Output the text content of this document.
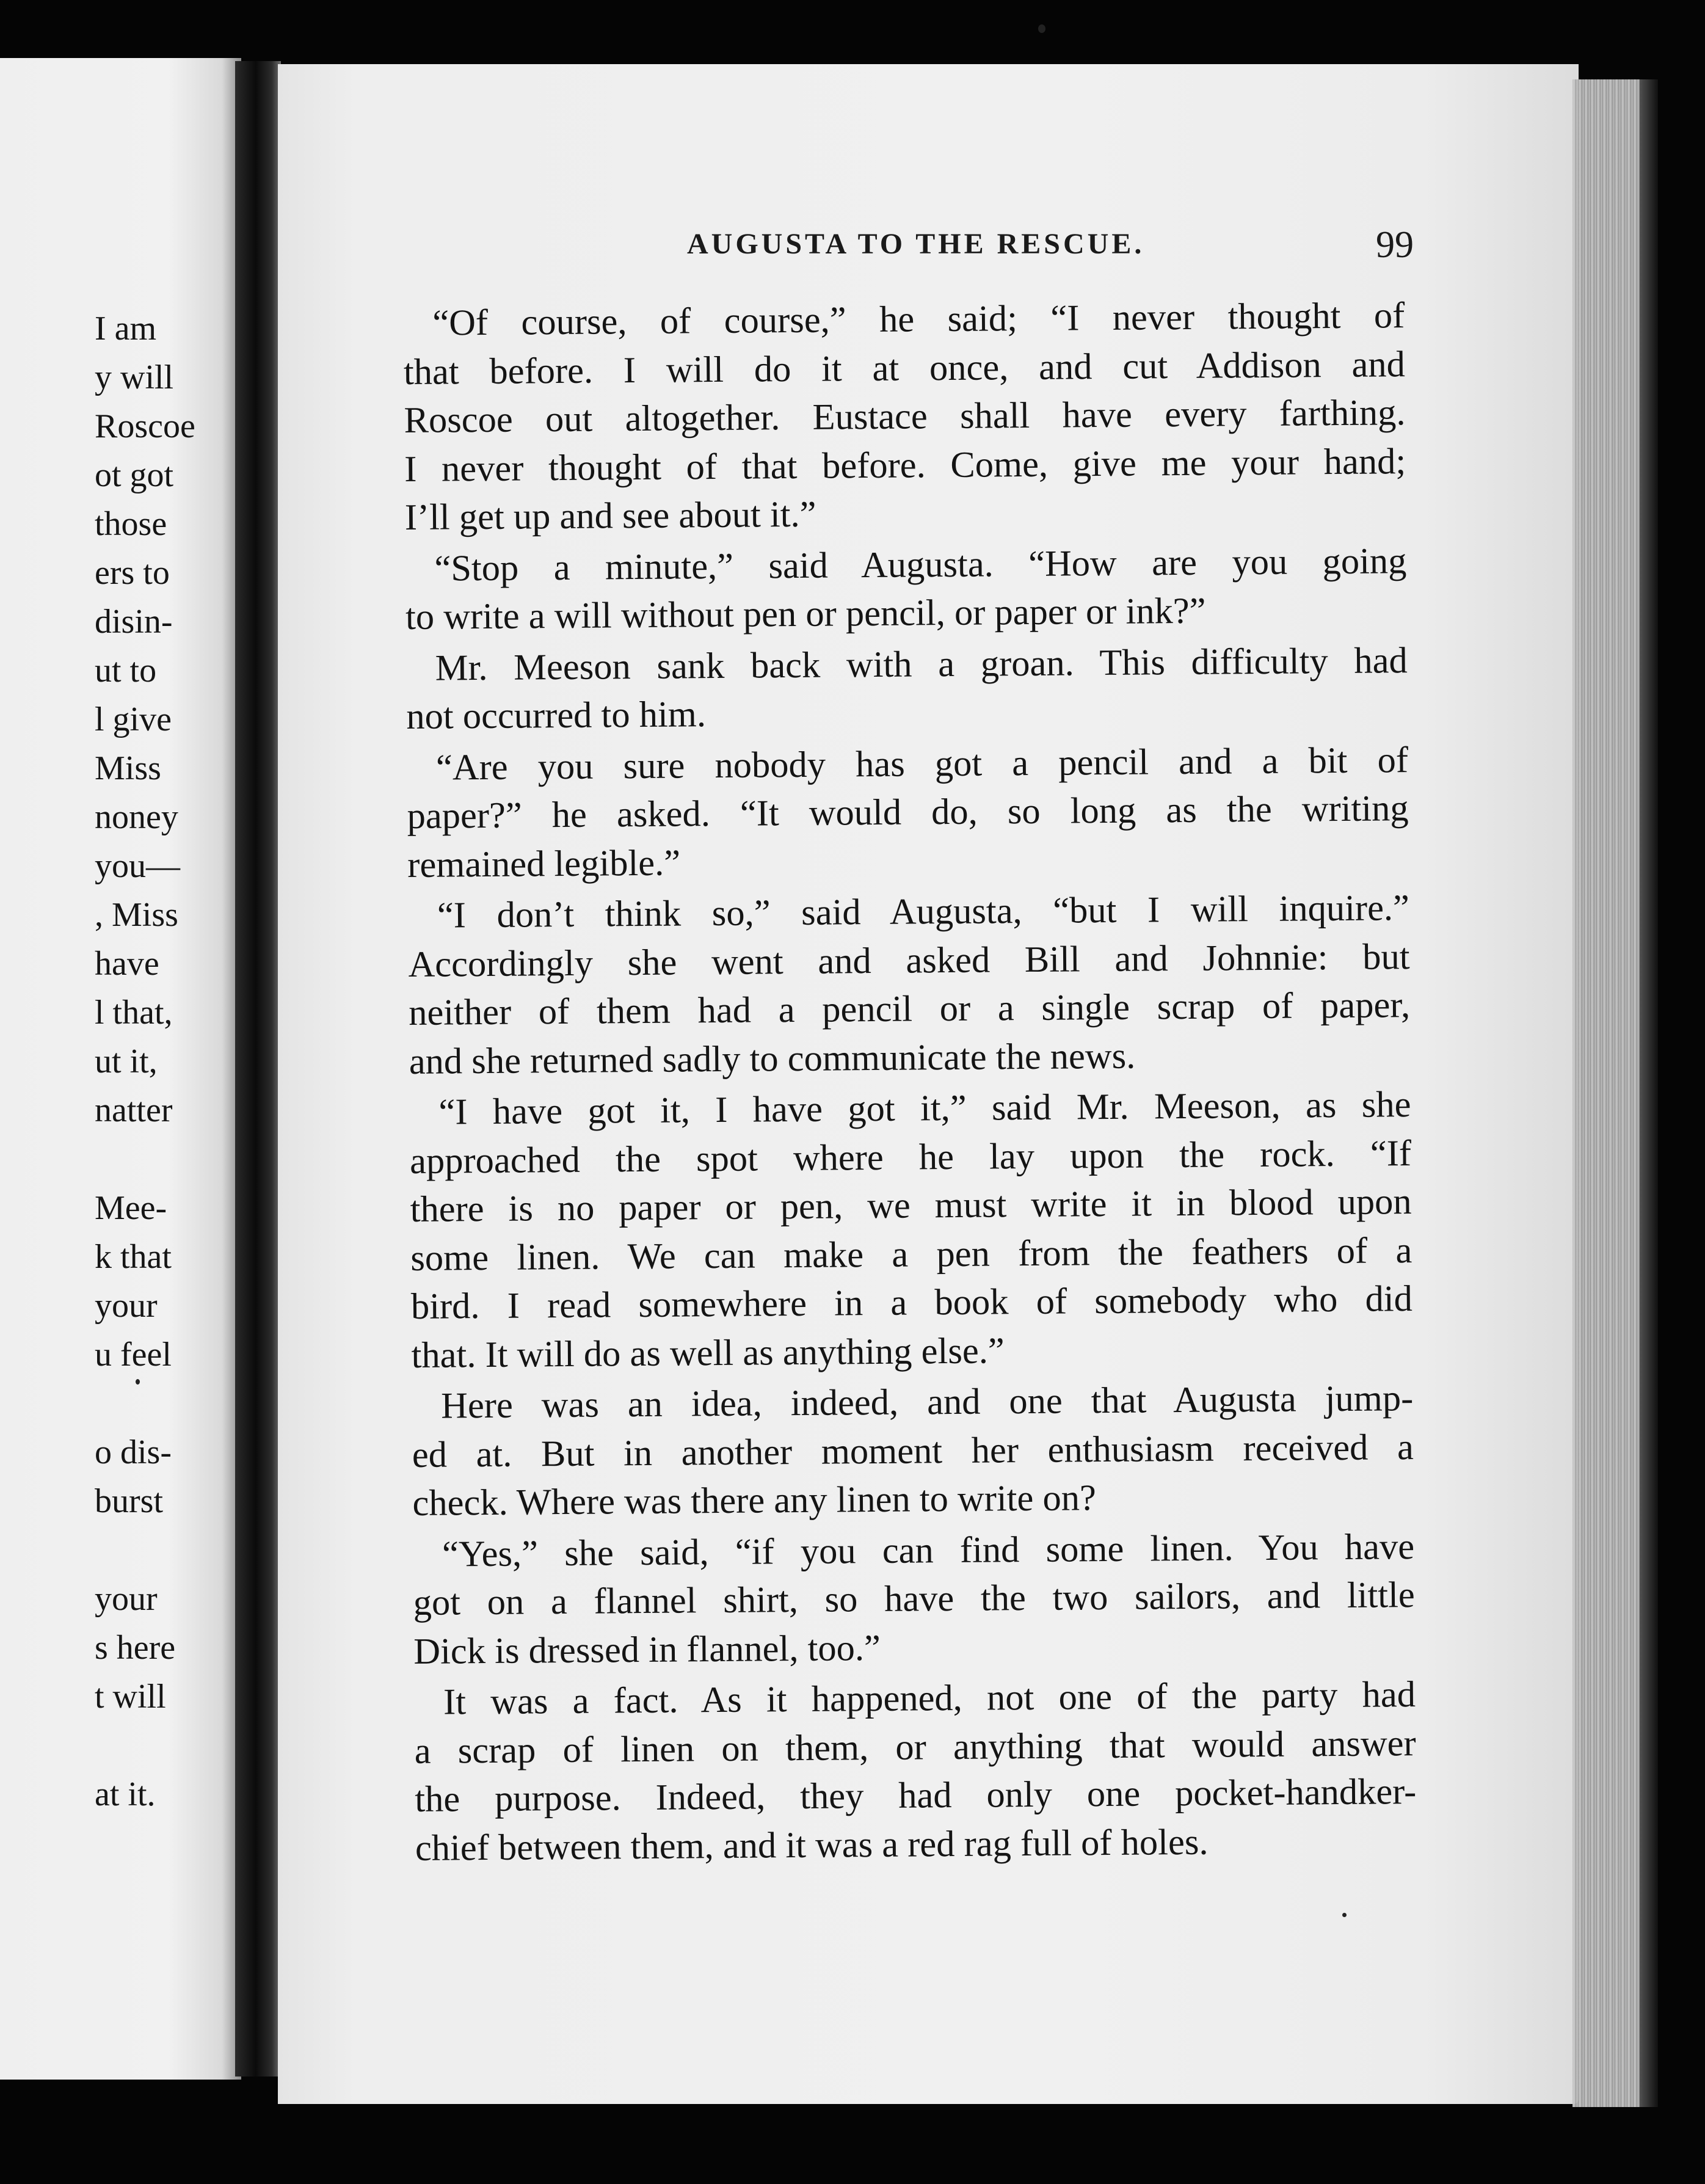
I am
y will
Roscoe
ot got
those
ers to
disin-
ut to
l give
Miss
noney
you—
, Miss
have
l that,
ut it,
natter
Mee-
k that
your
u feel
o dis-
burst
your
s here
t will
at it.
AUGUSTA TO THE RESCUE.	99
“Of course, of course,” he said; “I never thought of
that before. I will do it at once, and cut Addison and
Roscoe out altogether. Eustace shall have every farthing.
I never thought of that before. Come, give me your hand;
I’ll get up and see about it.”
“Stop a minute,” said Augusta. “How are you going
to write a will without pen or pencil, or paper or ink?”
Mr. Meeson sank back with a groan. This difficulty had
not occurred to him.
“Are you sure nobody has got a pencil and a bit of
paper?” he asked. “It would do, so long as the writing
remained legible.”
“I don’t think so,” said Augusta, “but I will inquire.”
Accordingly she went and asked Bill and Johnnie: but
neither of them had a pencil or a single scrap of paper,
and she returned sadly to communicate the news.
“I have got it, I have got it,” said Mr. Meeson, as she
approached the spot where he lay upon the rock. “If
there is no paper or pen, we must write it in blood upon
some linen. We can make a pen from the feathers of a
bird. I read somewhere in a book of somebody who did
that. It will do as well as anything else.”
Here was an idea, indeed, and one that Augusta jump-
ed at. But in another moment her enthusiasm received a
check. Where was there any linen to write on?
“Yes,” she said, “if you can find some linen. You have
got on a flannel shirt, so have the two sailors, and little
Dick is dressed in flannel, too.”
It was a fact. As it happened, not one of the party had
a scrap of linen on them, or anything that would answer
the purpose. Indeed, they had only one pocket-handker-
chief between them, and it was a red rag full of holes.
